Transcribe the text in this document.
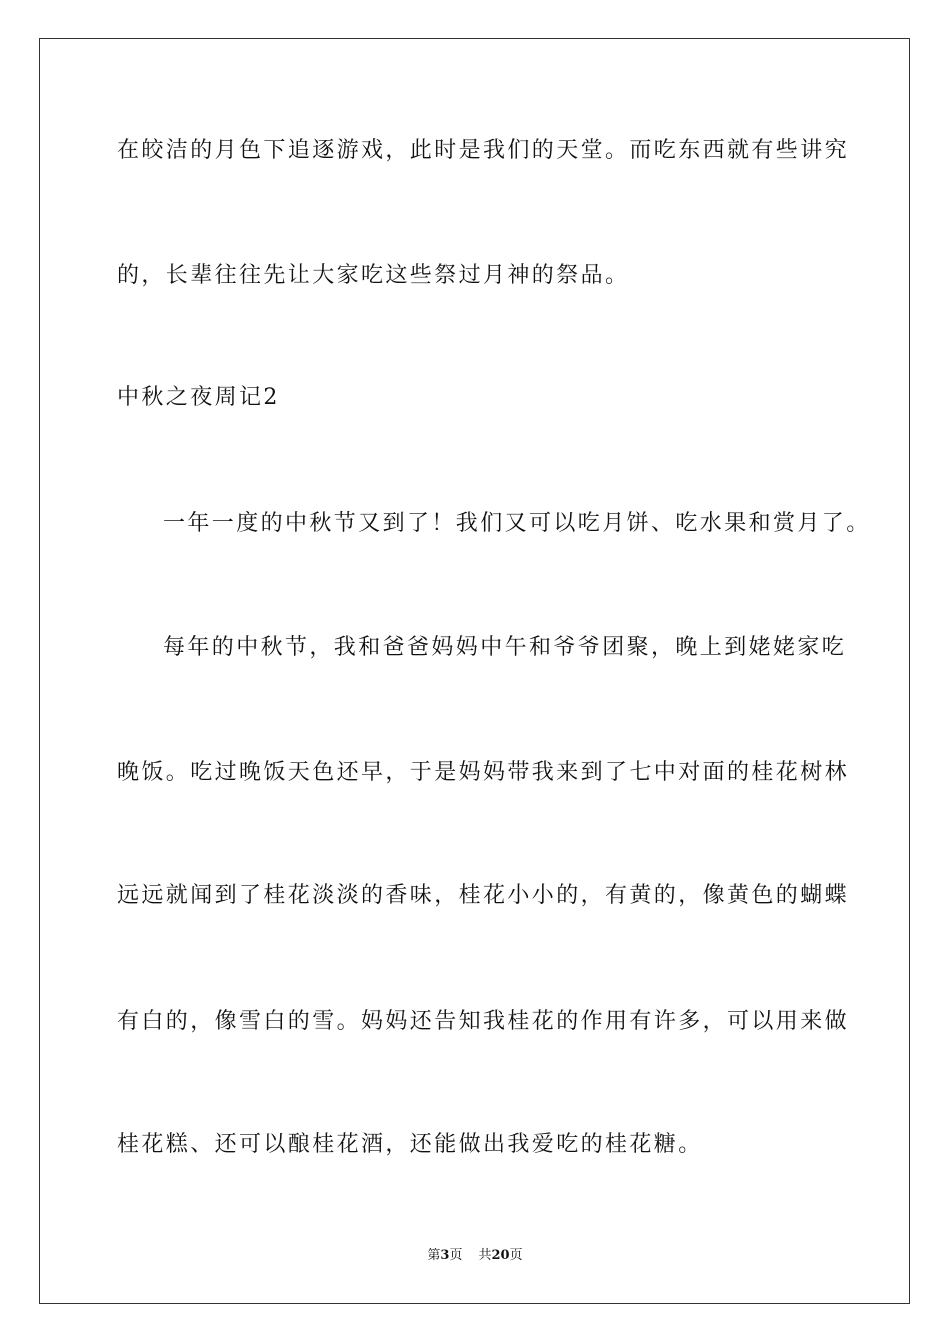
在皎洁的月色下追逐游戏，此时是我们的天堂。而吃东西就有些讲究
的，长辈往往先让大家吃这些祭过月神的祭品。
中秋之夜周记2
一年一度的中秋节又到了！我们又可以吃月饼、吃水果和赏月了。
每年的中秋节，我和爸爸妈妈中午和爷爷团聚，晚上到姥姥家吃
晚饭。吃过晚饭天色还早，于是妈妈带我来到了七中对面的桂花树林
远远就闻到了桂花淡淡的香味，桂花小小的，有黄的，像黄色的蝴蝶
有白的，像雪白的雪。妈妈还告知我桂花的作用有许多，可以用来做
桂花糕、还可以酿桂花酒，还能做出我爱吃的桂花糖。
第3页 共20页
